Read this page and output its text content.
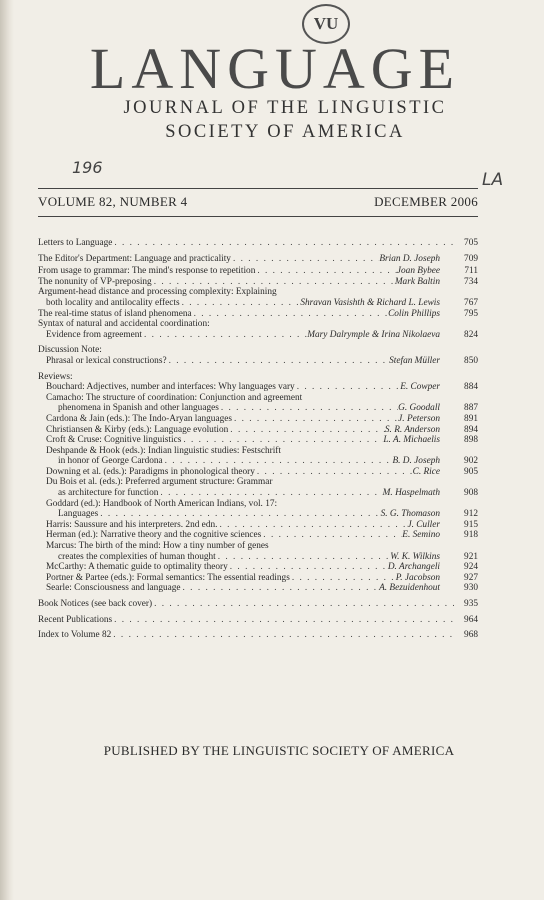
VU
LANGUAGE
JOURNAL OF THE LINGUISTIC
SOCIETY OF AMERICA
196
LA
VOLUME 82, NUMBER 4	DECEMBER 2006
Letters to Language . . .	705
The Editor's Department: Language and practicality . . .	Brian D. Joseph	709
From usage to grammar: The mind's response to repetition . . .	Joan Bybee	711
The nonunity of VP-preposing . . .	Mark Baltin	734
Argument-head distance and processing complexity: Explaining
both locality and antilocality effects . . .	Shravan Vasishth & Richard L. Lewis	767
The real-time status of island phenomena . . .	Colin Phillips	795
Syntax of natural and accidental coordination:
Evidence from agreement . . .	Mary Dalrymple & Irina Nikolaeva	824
Discussion Note:
Phrasal or lexical constructions? . . .	Stefan Müller	850
Reviews:
Bouchard: Adjectives, number and interfaces: Why languages vary . . .	E. Cowper	884
Camacho: The structure of coordination: Conjunction and agreement
phenomena in Spanish and other languages . . .	G. Goodall	887
Cardona & Jain (eds.): The Indo-Aryan languages . . .	J. Peterson	891
Christiansen & Kirby (eds.): Language evolution . . .	S. R. Anderson	894
Croft & Cruse: Cognitive linguistics . . .	L. A. Michaelis	898
Deshpande & Hook (eds.): Indian linguistic studies: Festschrift
in honor of George Cardona . . .	B. D. Joseph	902
Downing et al. (eds.): Paradigms in phonological theory . . .	C. Rice	905
Du Bois et al. (eds.): Preferred argument structure: Grammar
as architecture for function . . .	M. Haspelmath	908
Goddard (ed.): Handbook of North American Indians, vol. 17:
Languages . . .	S. G. Thomason	912
Harris: Saussure and his interpreters. 2nd edn. . . .	J. Culler	915
Herman (ed.): Narrative theory and the cognitive sciences . . .	E. Semino	918
Marcus: The birth of the mind: How a tiny number of genes
creates the complexities of human thought . . .	W. K. Wilkins	921
McCarthy: A thematic guide to optimality theory . . .	D. Archangeli	924
Portner & Partee (eds.): Formal semantics: The essential readings . . .	P. Jacobson	927
Searle: Consciousness and language . . .	A. Bezuidenhout	930
Book Notices (see back cover) . . .	935
Recent Publications . . .	964
Index to Volume 82 . . .	968
PUBLISHED BY THE LINGUISTIC SOCIETY OF AMERICA
